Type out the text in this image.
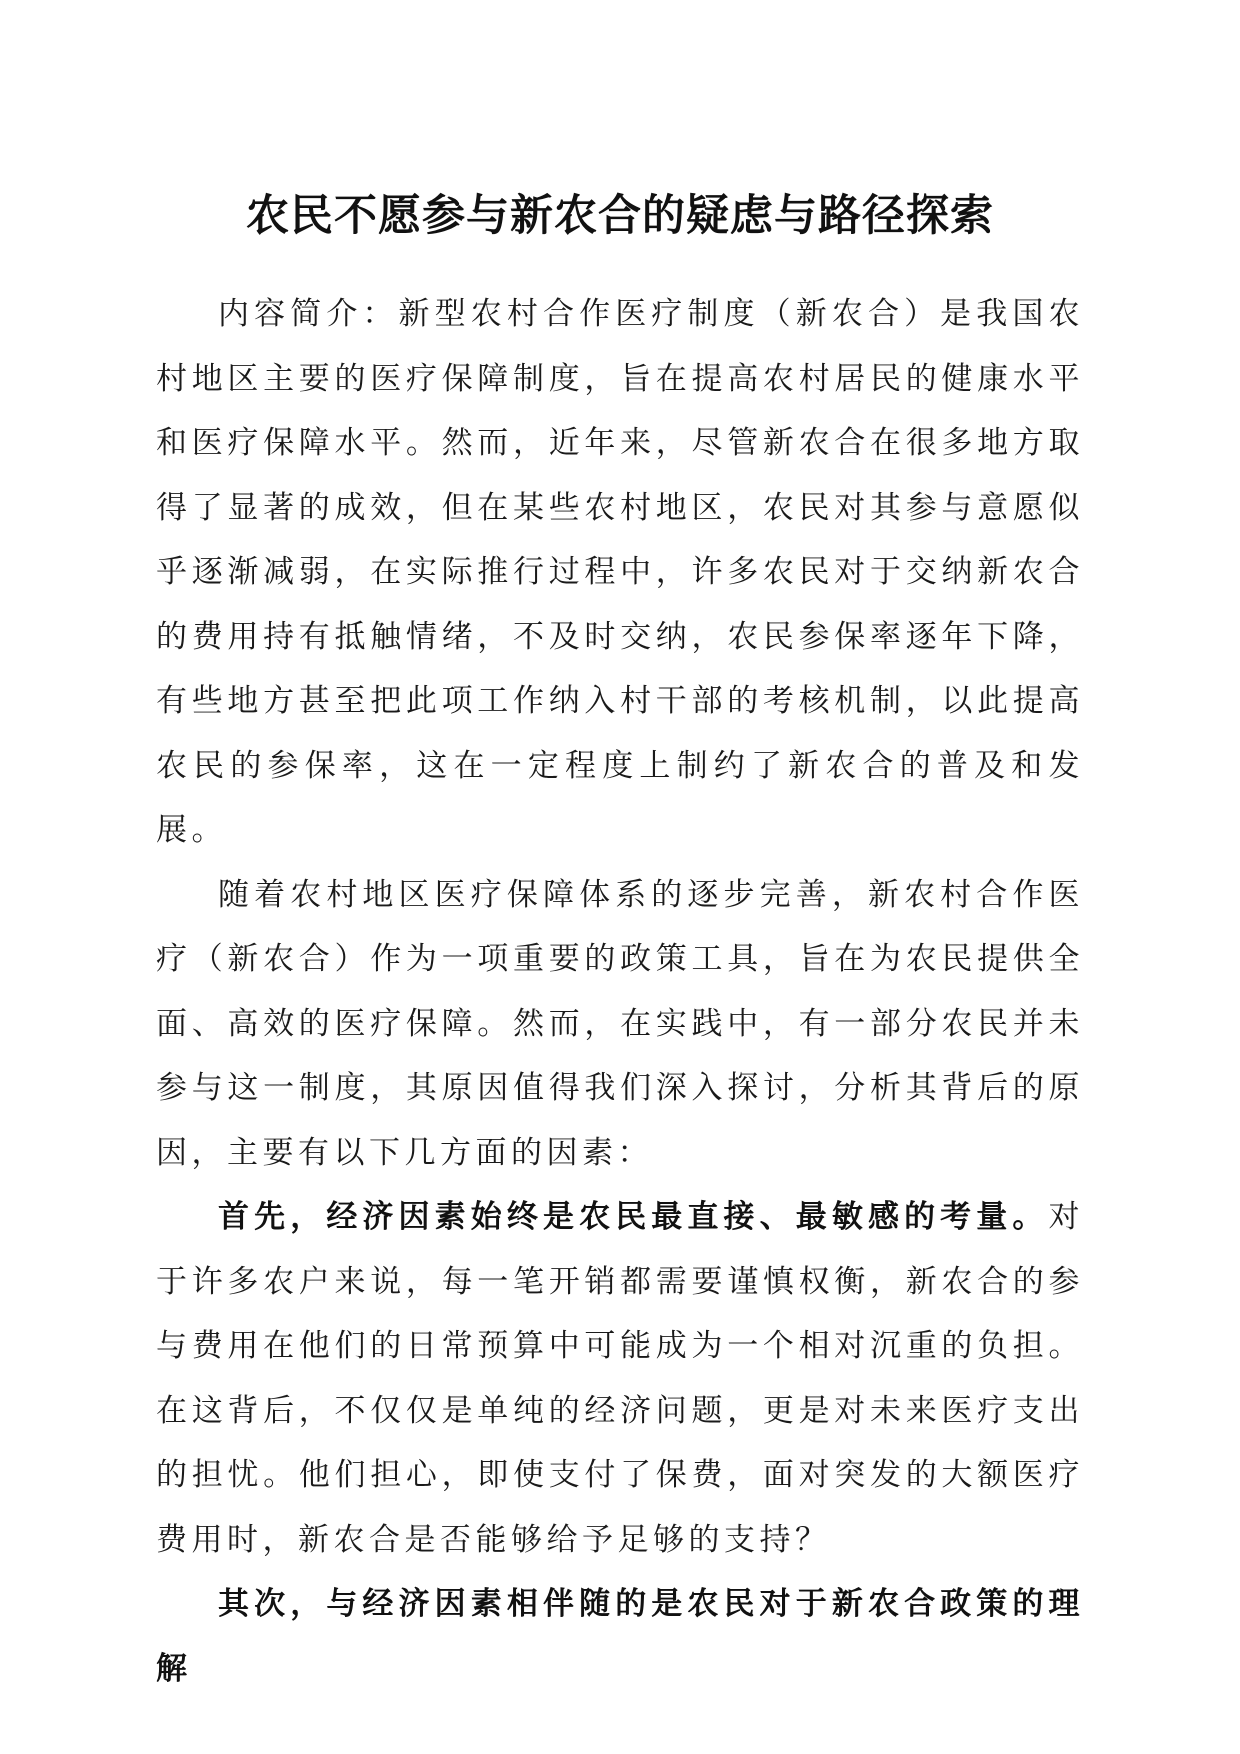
农民不愿参与新农合的疑虑与路径探索

内容简介：新型农村合作医疗制度（新农合）是我国农村地区主要的医疗保障制度，旨在提高农村居民的健康水平和医疗保障水平。然而，近年来，尽管新农合在很多地方取得了显著的成效，但在某些农村地区，农民对其参与意愿似乎逐渐减弱，在实际推行过程中，许多农民对于交纳新农合的费用持有抵触情绪，不及时交纳，农民参保率逐年下降，有些地方甚至把此项工作纳入村干部的考核机制，以此提高农民的参保率，这在一定程度上制约了新农合的普及和发展。

随着农村地区医疗保障体系的逐步完善，新农村合作医疗（新农合）作为一项重要的政策工具，旨在为农民提供全面、高效的医疗保障。然而，在实践中，有一部分农民并未参与这一制度，其原因值得我们深入探讨，分析其背后的原因，主要有以下几方面的因素：

首先，经济因素始终是农民最直接、最敏感的考量。对于许多农户来说，每一笔开销都需要谨慎权衡，新农合的参与费用在他们的日常预算中可能成为一个相对沉重的负担。在这背后，不仅仅是单纯的经济问题，更是对未来医疗支出的担忧。他们担心，即使支付了保费，面对突发的大额医疗费用时，新农合是否能够给予足够的支持？

其次，与经济因素相伴随的是农民对于新农合政策的理解
